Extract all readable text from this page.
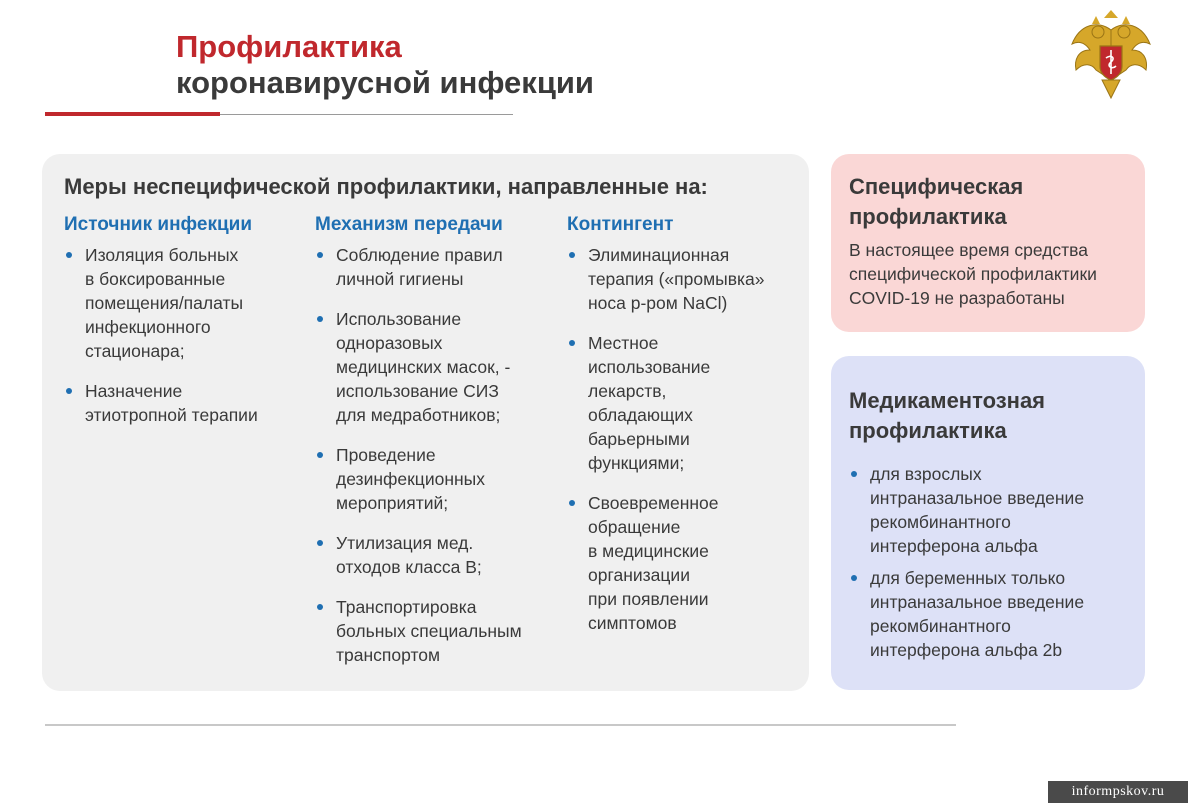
Профилактика
коронавирусной инфекции
Меры неспецифической профилактики, направленные на:
Источник инфекции
Изоляция больных
в боксированные
помещения/палаты
инфекционного
стационара;
Назначение
этиотропной терапии
Механизм передачи
Соблюдение правил
личной гигиены
Использование
одноразовых
медицинских масок, -
использование СИЗ
для медработников;
Проведение
дезинфекционных
мероприятий;
Утилизация мед.
отходов класса В;
Транспортировка
больных специальным
транспортом
Контингент
Элиминационная
терапия («промывка»
носа р-ром NaCl)
Местное
использование
лекарств,
обладающих
барьерными
функциями;
Своевременное
обращение
в медицинские
организации
при появлении
симптомов
Специфическая
профилактика
В настоящее время средства
специфической профилактики
COVID-19 не разработаны
Медикаментозная
профилактика
для взрослых
интраназальное введение
рекомбинантного
интерферона альфа
для беременных только
интраназальное введение
рекомбинантного
интерферона альфа 2b
informpskov.ru
